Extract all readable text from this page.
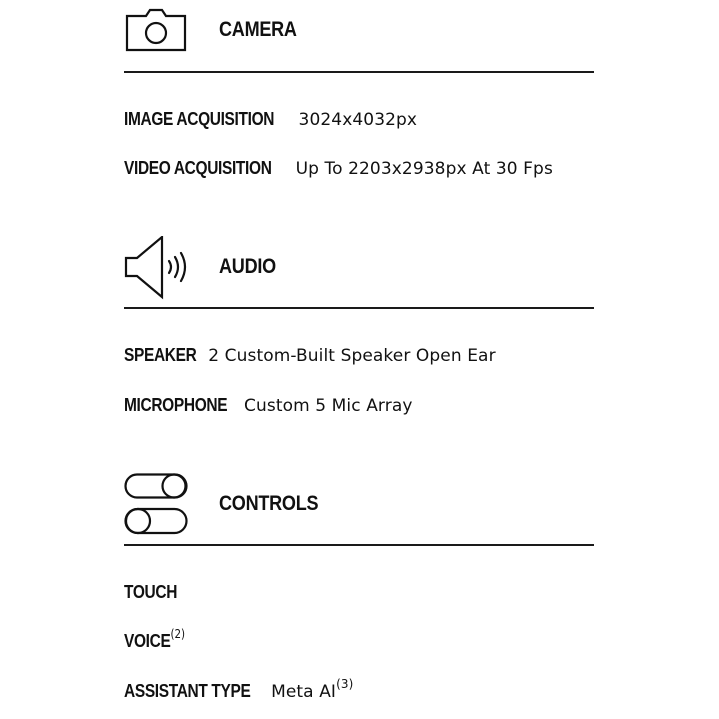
CAMERA
IMAGE ACQUISITION 3024x4032px
VIDEO ACQUISITION Up To 2203x2938px At 30 Fps
AUDIO
SPEAKER 2 Custom-Built Speaker Open Ear
MICROPHONE Custom 5 Mic Array
CONTROLS
TOUCH
VOICE$^{(2)}$
ASSISTANT TYPE Meta AI$^{(3)}$
